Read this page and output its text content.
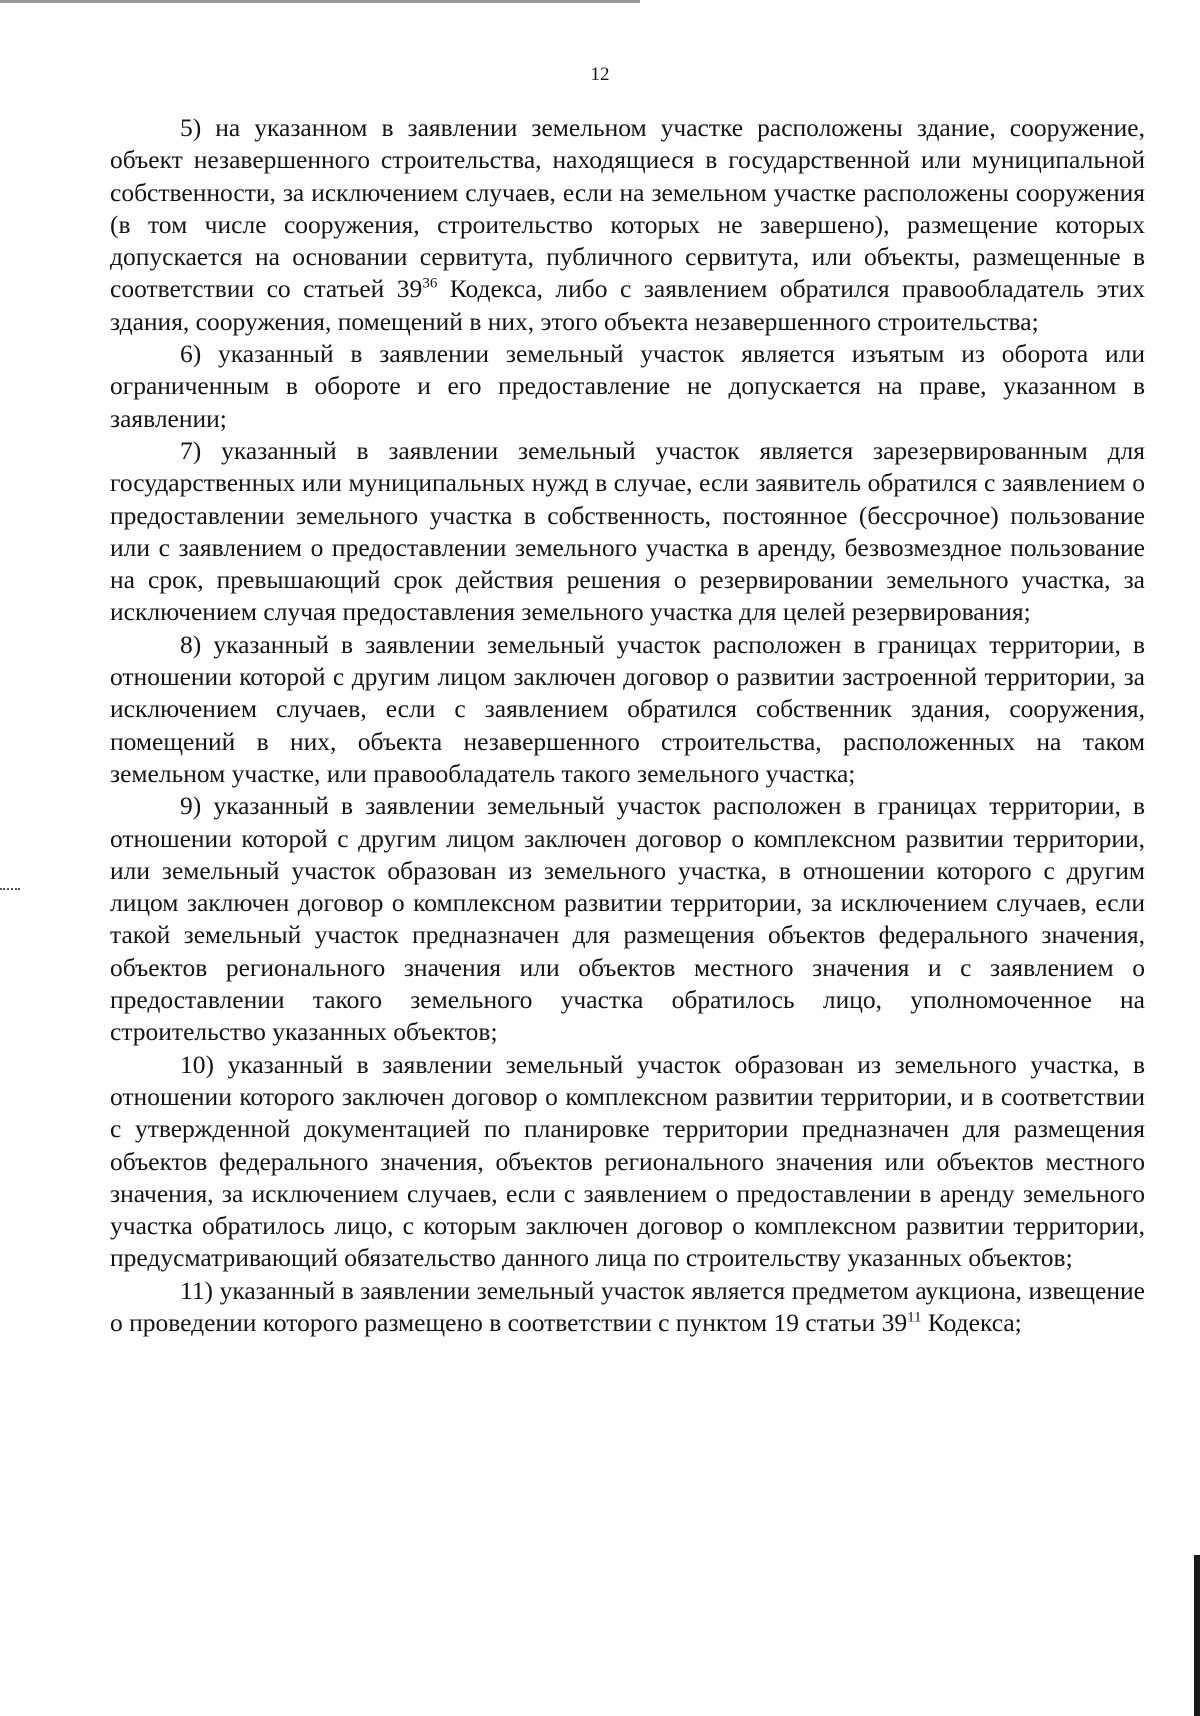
12

5) на указанном в заявлении земельном участке расположены здание, сооружение, объект незавершенного строительства, находящиеся в государственной или муниципальной собственности, за исключением случаев, если на земельном участке расположены сооружения (в том числе сооружения, строительство которых не завершено), размещение которых допускается на основании сервитута, публичного сервитута, или объекты, размещенные в соответствии со статьей $39^{36}$ Кодекса, либо с заявлением обратился правообладатель этих здания, сооружения, помещений в них, этого объекта незавершенного строительства;

6) указанный в заявлении земельный участок является изъятым из оборота или ограниченным в обороте и его предоставление не допускается на праве, указанном в заявлении;

7) указанный в заявлении земельный участок является зарезервированным для государственных или муниципальных нужд в случае, если заявитель обратился с заявлением о предоставлении земельного участка в собственность, постоянное (бессрочное) пользование или с заявлением о предоставлении земельного участка в аренду, безвозмездное пользование на срок, превышающий срок действия решения о резервировании земельного участка, за исключением случая предоставления земельного участка для целей резервирования;

8) указанный в заявлении земельный участок расположен в границах территории, в отношении которой с другим лицом заключен договор о развитии застроенной территории, за исключением случаев, если с заявлением обратился собственник здания, сооружения, помещений в них, объекта незавершенного строительства, расположенных на таком земельном участке, или правообладатель такого земельного участка;

9) указанный в заявлении земельный участок расположен в границах территории, в отношении которой с другим лицом заключен договор о комплексном развитии территории, или земельный участок образован из земельного участка, в отношении которого с другим лицом заключен договор о комплексном развитии территории, за исключением случаев, если такой земельный участок предназначен для размещения объектов федерального значения, объектов регионального значения или объектов местного значения и с заявлением о предоставлении такого земельного участка обратилось лицо, уполномоченное на строительство указанных объектов;

10) указанный в заявлении земельный участок образован из земельного участка, в отношении которого заключен договор о комплексном развитии территории, и в соответствии с утвержденной документацией по планировке территории предназначен для размещения объектов федерального значения, объектов регионального значения или объектов местного значения, за исключением случаев, если с заявлением о предоставлении в аренду земельного участка обратилось лицо, с которым заключен договор о комплексном развитии территории, предусматривающий обязательство данного лица по строительству указанных объектов;

11) указанный в заявлении земельный участок является предметом аукциона, извещение о проведении которого размещено в соответствии с пунктом 19 статьи $39^{11}$ Кодекса;
